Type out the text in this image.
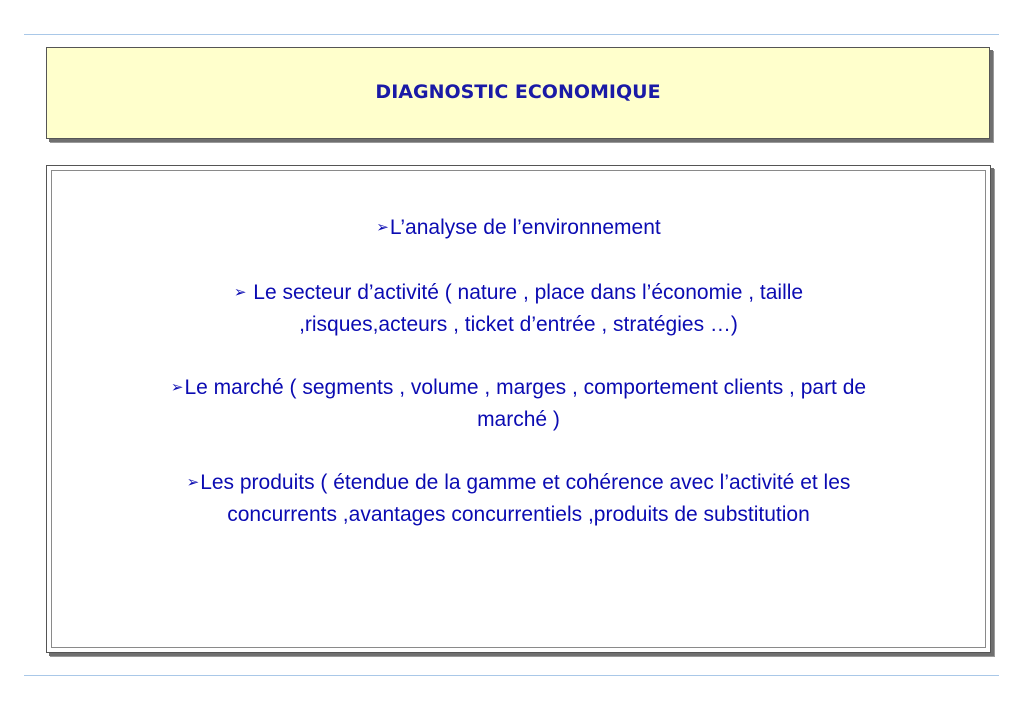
DIAGNOSTIC ECONOMIQUE
➢L’analyse de l’environnement
➢ Le secteur d’activité ( nature , place dans l’économie , taille
,risques,acteurs , ticket d’entrée , stratégies …)
➢Le marché ( segments , volume , marges , comportement clients , part de
marché )
➢Les produits ( étendue de la gamme et cohérence avec l’activité et les
concurrents ,avantages concurrentiels ,produits de substitution
